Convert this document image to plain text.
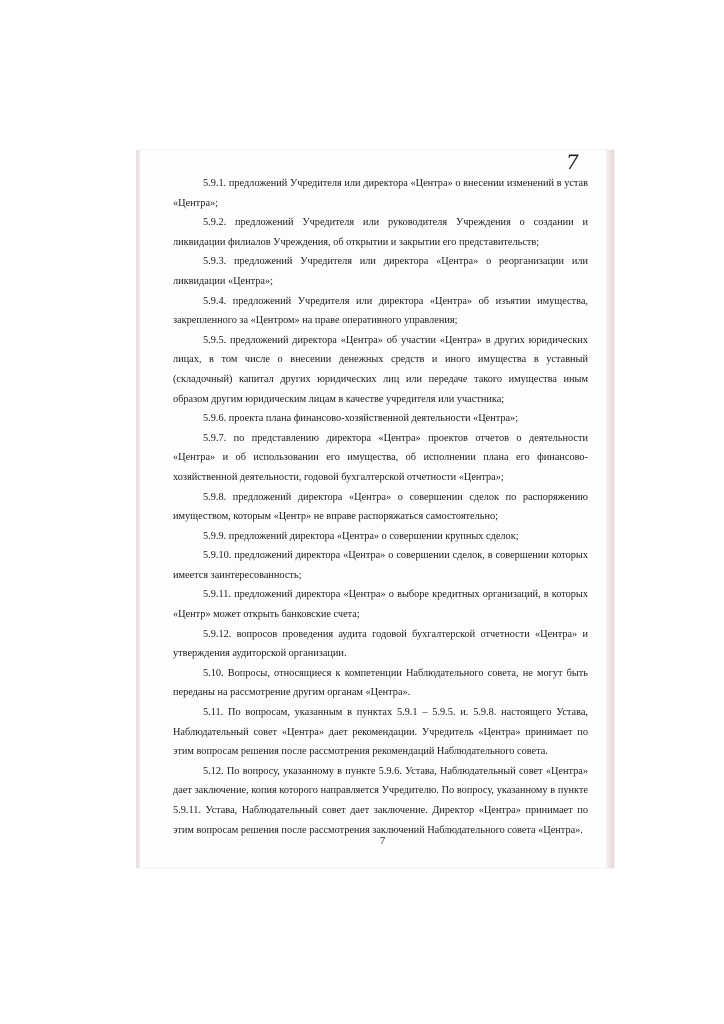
7

5.9.1. предложений Учредителя или директора «Центра» о внесении изменений в устав «Центра»;

5.9.2. предложений Учредителя или руководителя Учреждения о создании и ликвидации филиалов Учреждения, об открытии и закрытии его представительств;

5.9.3. предложений Учредителя или директора «Центра» о реорганизации или ликвидации «Центра»;

5.9.4. предложений Учредителя или директора «Центра» об изъятии имущества, закрепленного за «Центром» на праве оперативного управления;

5.9.5. предложений директора «Центра» об участии «Центра» в других юридических лицах, в том числе о внесении денежных средств и иного имущества в уставный (складочный) капитал других юридических лиц или передаче такого имущества иным образом другим юридическим лицам в качестве учредителя или участника;

5.9.6. проекта плана финансово-хозяйственной деятельности «Центра»;

5.9.7. по представлению директора «Центра» проектов отчетов о деятельности «Центра» и об использовании его имущества, об исполнении плана его финансово-хозяйственной деятельности, годовой бухгалтерской отчетности «Центра»;

5.9.8. предложений директора «Центра» о совершении сделок по распоряжению имуществом, которым «Центр» не вправе распоряжаться самостоятельно;

5.9.9. предложений директора «Центра» о совершении крупных сделок;

5.9.10. предложений директора «Центра» о совершении сделок, в совершении которых имеется заинтересованность;

5.9.11. предложений директора «Центра» о выборе кредитных организаций, в которых «Центр» может открыть банковские счета;

5.9.12. вопросов проведения аудита годовой бухгалтерской отчетности «Центра» и утверждения аудиторской организации.

5.10. Вопросы, относящиеся к компетенции Наблюдательного совета, не могут быть переданы на рассмотрение другим органам «Центра».

5.11. По вопросам, указанным в пунктах 5.9.1 – 5.9.5. и. 5.9.8. настоящего Устава, Наблюдательный совет «Центра» дает рекомендации. Учредитель «Центра» принимает по этим вопросам решения после рассмотрения рекомендаций Наблюдательного совета.

5.12. По вопросу, указанному в пункте 5.9.6. Устава, Наблюдательный совет «Центра» дает заключение, копия которого направляется Учредителю. По вопросу, указанному в пункте 5.9.11. Устава, Наблюдательный совет дает заключение. Директор «Центра» принимает по этим вопросам решения после рассмотрения заключений Наблюдательного совета «Центра».

7
